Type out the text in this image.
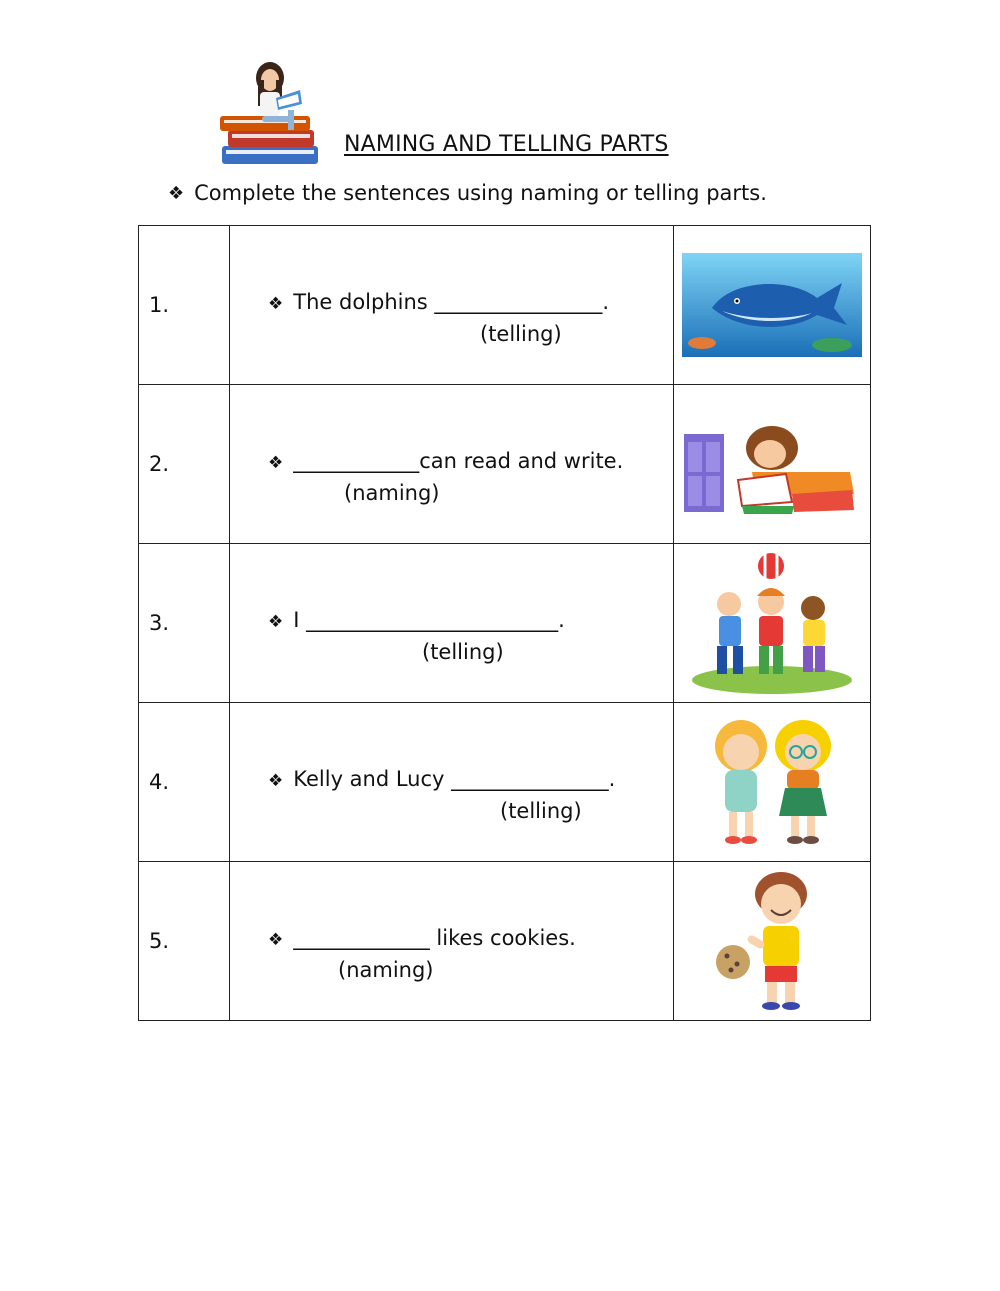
NAMING AND TELLING PARTS

❖ Complete the sentences using naming or telling parts.

1.	❖ The dolphins ________________.
(telling)

2.	❖ ____________can read and write.
(naming)

3.	❖ I ________________________.
(telling)

4.	❖ Kelly and Lucy _______________.
(telling)

5.	❖ _____________ likes cookies.
(naming)
